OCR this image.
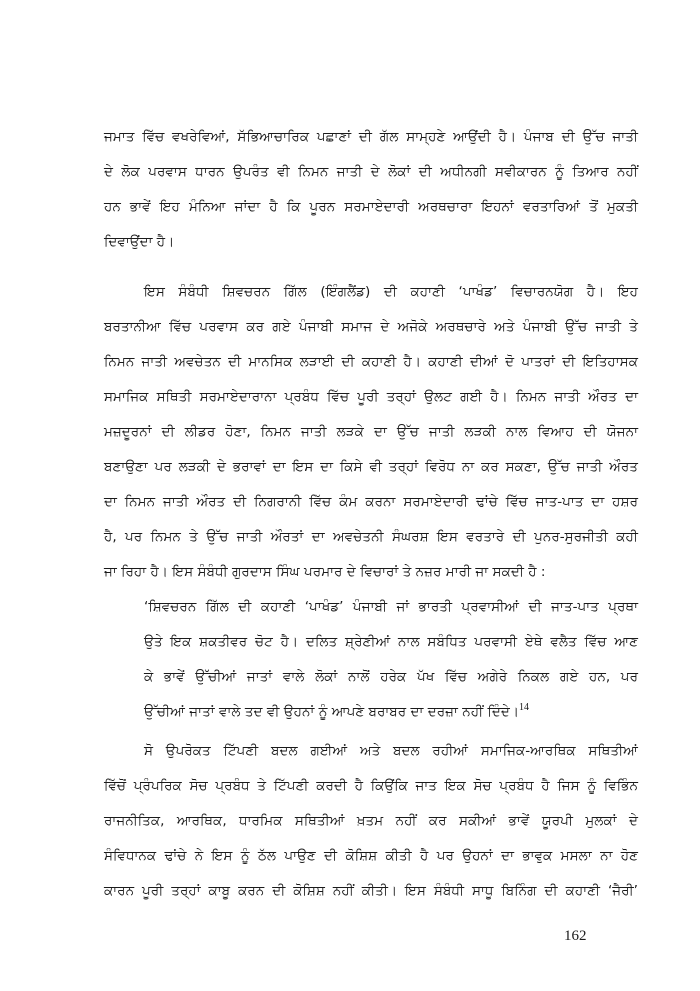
ਜਮਾਤ ਵਿੱਚ ਵਖਰੇਵਿਆਂ, ਸੱਭਿਆਚਾਰਿਕ ਪਛਾਣਾਂ ਦੀ ਗੱਲ ਸਾਮ੍ਹਣੇ ਆਉਂਦੀ ਹੈ। ਪੰਜਾਬ ਦੀ ਉੱਚ ਜਾਤੀ
ਦੇ ਲੋਕ ਪਰਵਾਸ ਧਾਰਨ ਉਪਰੰਤ ਵੀ ਨਿਮਨ ਜਾਤੀ ਦੇ ਲੋਕਾਂ ਦੀ ਅਧੀਨਗੀ ਸਵੀਕਾਰਨ ਨੂੰ ਤਿਆਰ ਨਹੀਂ
ਹਨ ਭਾਵੇਂ ਇਹ ਮੰਨਿਆ ਜਾਂਦਾ ਹੈ ਕਿ ਪੂਰਨ ਸਰਮਾਏਦਾਰੀ ਅਰਥਚਾਰਾ ਇਹਨਾਂ ਵਰਤਾਰਿਆਂ ਤੋਂ ਮੁਕਤੀ
ਦਿਵਾਉਂਦਾ ਹੈ।
ਇਸ ਸੰਬੰਧੀ ਸ਼ਿਵਚਰਨ ਗਿੱਲ (ਇੰਗਲੈਂਡ) ਦੀ ਕਹਾਣੀ ‘ਪਾਖੰਡ’ ਵਿਚਾਰਨਯੋਗ ਹੈ। ਇਹ
ਬਰਤਾਨੀਆ ਵਿੱਚ ਪਰਵਾਸ ਕਰ ਗਏ ਪੰਜਾਬੀ ਸਮਾਜ ਦੇ ਅਜੋਕੇ ਅਰਥਚਾਰੇ ਅਤੇ ਪੰਜਾਬੀ ਉੱਚ ਜਾਤੀ ਤੇ
ਨਿਮਨ ਜਾਤੀ ਅਵਚੇਤਨ ਦੀ ਮਾਨਸਿਕ ਲੜਾਈ ਦੀ ਕਹਾਣੀ ਹੈ। ਕਹਾਣੀ ਦੀਆਂ ਦੋ ਪਾਤਰਾਂ ਦੀ ਇਤਿਹਾਸਕ
ਸਮਾਜਿਕ ਸਥਿਤੀ ਸਰਮਾਏਦਾਰਾਨਾ ਪ੍ਰਬੰਧ ਵਿੱਚ ਪੂਰੀ ਤਰ੍ਹਾਂ ਉਲਟ ਗਈ ਹੈ। ਨਿਮਨ ਜਾਤੀ ਔਰਤ ਦਾ
ਮਜ਼ਦੂਰਨਾਂ ਦੀ ਲੀਡਰ ਹੋਣਾ, ਨਿਮਨ ਜਾਤੀ ਲੜਕੇ ਦਾ ਉੱਚ ਜਾਤੀ ਲੜਕੀ ਨਾਲ ਵਿਆਹ ਦੀ ਯੋਜਨਾ
ਬਣਾਉਣਾ ਪਰ ਲੜਕੀ ਦੇ ਭਰਾਵਾਂ ਦਾ ਇਸ ਦਾ ਕਿਸੇ ਵੀ ਤਰ੍ਹਾਂ ਵਿਰੋਧ ਨਾ ਕਰ ਸਕਣਾ, ਉੱਚ ਜਾਤੀ ਔਰਤ
ਦਾ ਨਿਮਨ ਜਾਤੀ ਔਰਤ ਦੀ ਨਿਗਰਾਨੀ ਵਿੱਚ ਕੰਮ ਕਰਨਾ ਸਰਮਾਏਦਾਰੀ ਢਾਂਚੇ ਵਿੱਚ ਜਾਤ-ਪਾਤ ਦਾ ਹਸ਼ਰ
ਹੈ, ਪਰ ਨਿਮਨ ਤੇ ਉੱਚ ਜਾਤੀ ਔਰਤਾਂ ਦਾ ਅਵਚੇਤਨੀ ਸੰਘਰਸ਼ ਇਸ ਵਰਤਾਰੇ ਦੀ ਪੁਨਰ-ਸੁਰਜੀਤੀ ਕਹੀ
ਜਾ ਰਿਹਾ ਹੈ। ਇਸ ਸੰਬੰਧੀ ਗੁਰਦਾਸ ਸਿੰਘ ਪਰਮਾਰ ਦੇ ਵਿਚਾਰਾਂ ਤੇ ਨਜ਼ਰ ਮਾਰੀ ਜਾ ਸਕਦੀ ਹੈ :
‘ਸ਼ਿਵਚਰਨ ਗਿੱਲ ਦੀ ਕਹਾਣੀ ‘ਪਾਖੰਡ’ ਪੰਜਾਬੀ ਜਾਂ ਭਾਰਤੀ ਪ੍ਰਵਾਸੀਆਂ ਦੀ ਜਾਤ-ਪਾਤ ਪ੍ਰਥਾ
ਉਤੇ ਇਕ ਸ਼ਕਤੀਵਰ ਚੋਟ ਹੈ। ਦਲਿਤ ਸ਼੍ਰੇਣੀਆਂ ਨਾਲ ਸਬੰਧਿਤ ਪਰਵਾਸੀ ਏਥੇ ਵਲੈਤ ਵਿੱਚ ਆਣ
ਕੇ ਭਾਵੇਂ ਉੱਚੀਆਂ ਜਾਤਾਂ ਵਾਲੇ ਲੋਕਾਂ ਨਾਲੋਂ ਹਰੇਕ ਪੱਖ ਵਿੱਚ ਅਗੇਰੇ ਨਿਕਲ ਗਏ ਹਨ, ਪਰ
ਉੱਚੀਆਂ ਜਾਤਾਂ ਵਾਲੇ ਤਦ ਵੀ ਉਹਨਾਂ ਨੂੰ ਆਪਣੇ ਬਰਾਬਰ ਦਾ ਦਰਜ਼ਾ ਨਹੀਂ ਦਿੰਦੇ।$^{14}$
ਸੋ ਉਪਰੋਕਤ ਟਿੱਪਣੀ ਬਦਲ ਗਈਆਂ ਅਤੇ ਬਦਲ ਰਹੀਆਂ ਸਮਾਜਿਕ-ਆਰਥਿਕ ਸਥਿਤੀਆਂ
ਵਿੱਚੋਂ ਪ੍ਰੰਪਰਿਕ ਸੋਚ ਪ੍ਰਬੰਧ ਤੇ ਟਿੱਪਣੀ ਕਰਦੀ ਹੈ ਕਿਉਂਕਿ ਜਾਤ ਇਕ ਸੋਚ ਪ੍ਰਬੰਧ ਹੈ ਜਿਸ ਨੂੰ ਵਿਭਿੰਨ
ਰਾਜਨੀਤਿਕ, ਆਰਥਿਕ, ਧਾਰਮਿਕ ਸਥਿਤੀਆਂ ਖ਼ਤਮ ਨਹੀਂ ਕਰ ਸਕੀਆਂ ਭਾਵੇਂ ਯੂਰਪੀ ਮੁਲਕਾਂ ਦੇ
ਸੰਵਿਧਾਨਕ ਢਾਂਚੇ ਨੇ ਇਸ ਨੂੰ ਠੱਲ ਪਾਉਣ ਦੀ ਕੋਸ਼ਿਸ਼ ਕੀਤੀ ਹੈ ਪਰ ਉਹਨਾਂ ਦਾ ਭਾਵੁਕ ਮਸਲਾ ਨਾ ਹੋਣ
ਕਾਰਨ ਪੂਰੀ ਤਰ੍ਹਾਂ ਕਾਬੂ ਕਰਨ ਦੀ ਕੋਸ਼ਿਸ਼ ਨਹੀਂ ਕੀਤੀ। ਇਸ ਸੰਬੰਧੀ ਸਾਧੂ ਬਿਨਿੰਗ ਦੀ ਕਹਾਣੀ ‘ਜੈਰੀ’
162
